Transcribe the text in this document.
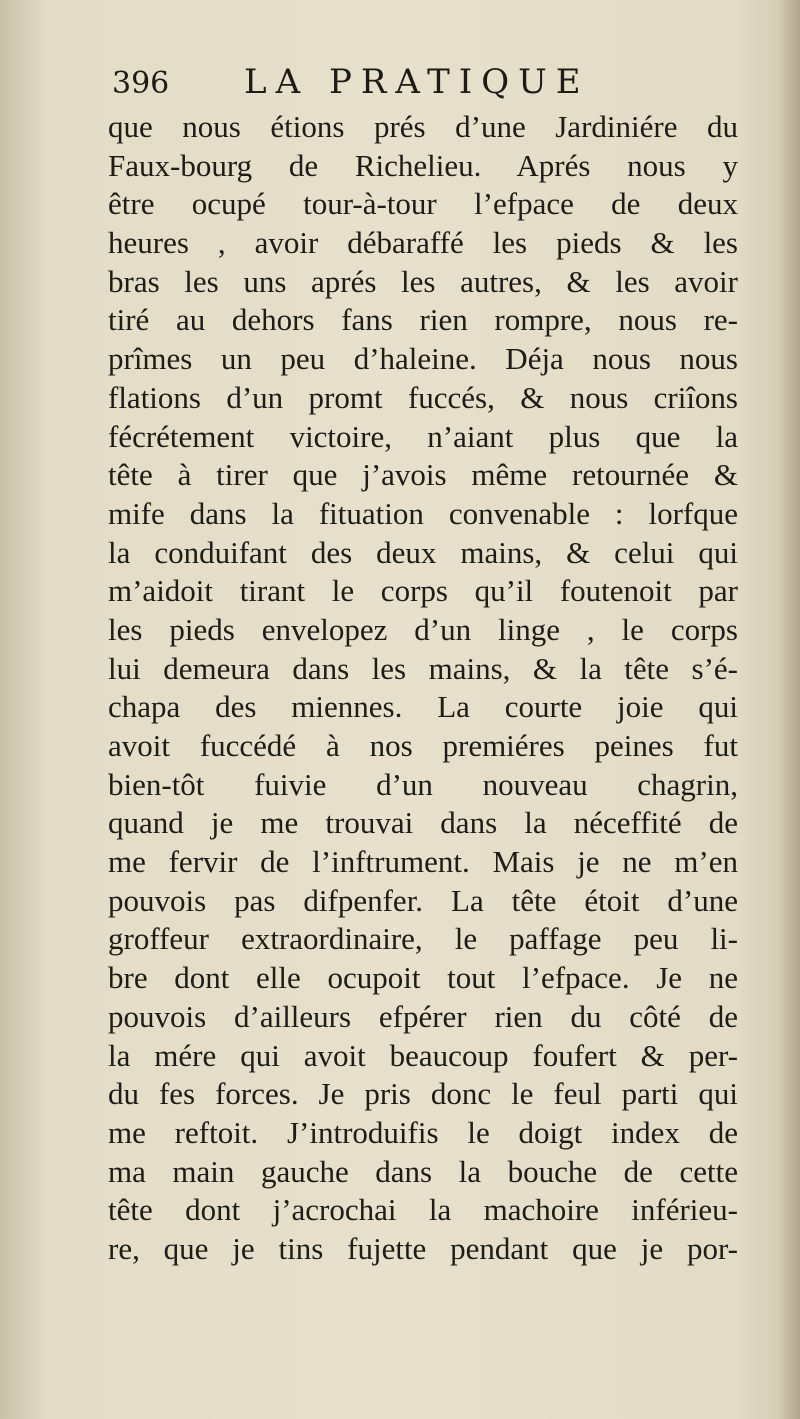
396 LA PRATIQUE
que nous étions prés d’une Jardiniére du
Faux-bourg de Richelieu. Aprés nous y
être ocupé tour-à-tour l’efpace de deux
heures , avoir débaraffé les pieds & les
bras les uns aprés les autres, & les avoir
tiré au dehors fans rien rompre, nous re-
prîmes un peu d’haleine. Déja nous nous
flations d’un promt fuccés, & nous criîons
fécrétement victoire, n’aiant plus que la
tête à tirer que j’avois même retournée &
mife dans la fituation convenable : lorfque
la conduifant des deux mains, & celui qui
m’aidoit tirant le corps qu’il foutenoit par
les pieds envelopez d’un linge , le corps
lui demeura dans les mains, & la tête s’é-
chapa des miennes. La courte joie qui
avoit fuccédé à nos premiéres peines fut
bien-tôt fuivie d’un nouveau chagrin,
quand je me trouvai dans la néceffité de
me fervir de l’inftrument. Mais je ne m’en
pouvois pas difpenfer. La tête étoit d’une
groffeur extraordinaire, le paffage peu li-
bre dont elle ocupoit tout l’efpace. Je ne
pouvois d’ailleurs efpérer rien du côté de
la mére qui avoit beaucoup foufert & per-
du fes forces. Je pris donc le feul parti qui
me reftoit. J’introduifis le doigt index de
ma main gauche dans la bouche de cette
tête dont j’acrochai la machoire inférieu-
re, que je tins fujette pendant que je por-
